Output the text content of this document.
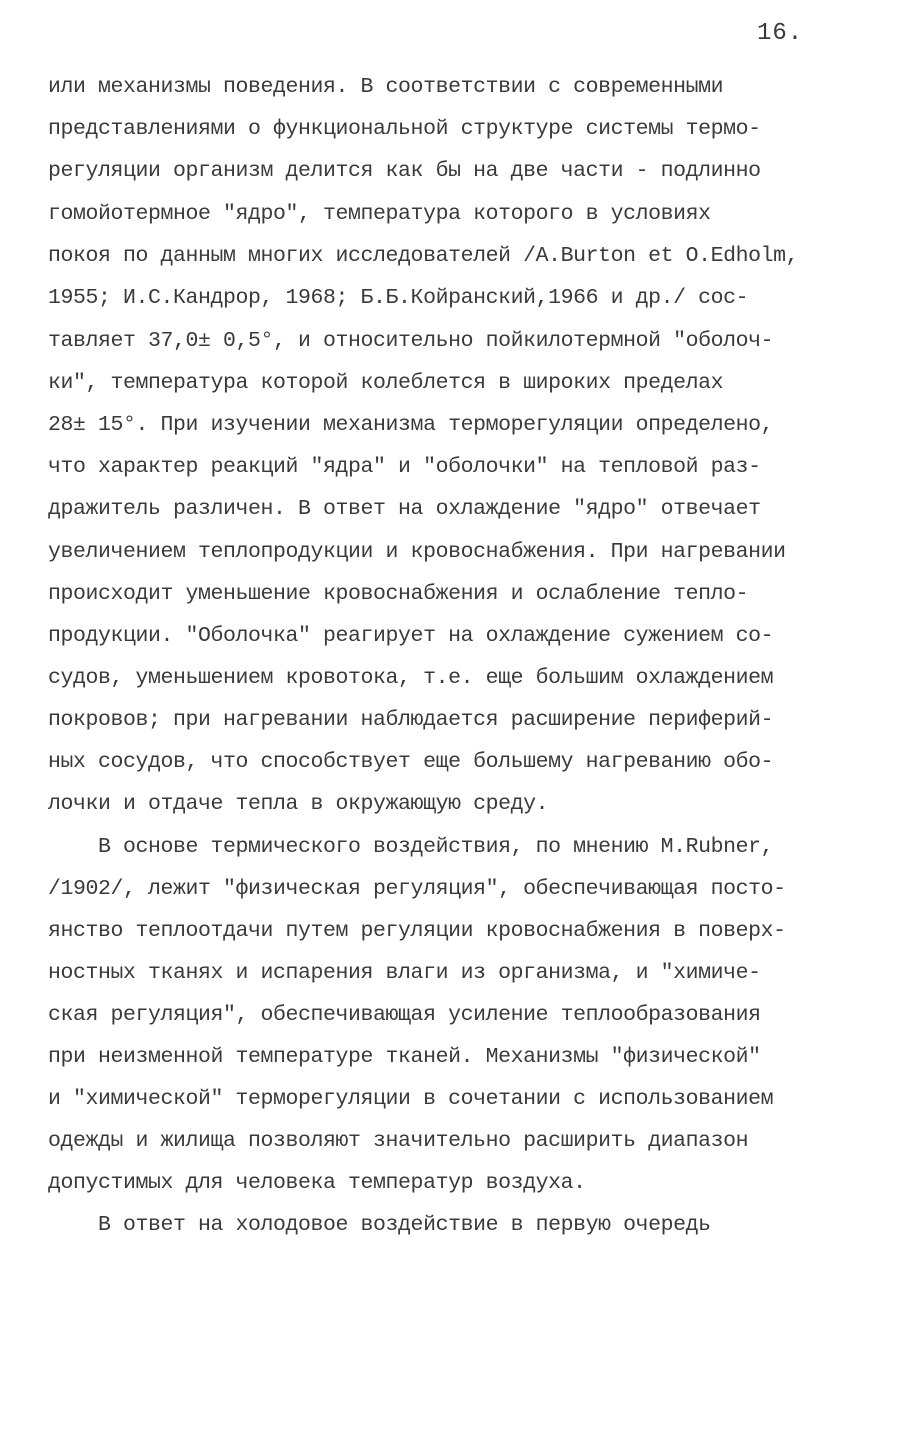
16.
или механизмы поведения. В соответствии с современными
представлениями о функциональной структуре системы термо-
регуляции организм делится как бы на две части - подлинно
гомойотермное "ядро", температура которого в условиях
покоя по данным многих исследователей /A.Burton et O.Edholm,
1955; И.С.Кандрор, 1968; Б.Б.Койранский,1966 и др./ сос-
тавляет 37,0± 0,5°, и относительно пойкилотермной "оболоч-
ки", температура которой колеблется в широких пределах
28± 15°. При изучении механизма терморегуляции определено,
что характер реакций "ядра" и "оболочки" на тепловой раз-
дражитель различен. В ответ на охлаждение "ядро" отвечает
увеличением теплопродукции и кровоснабжения. При нагревании
происходит уменьшение кровоснабжения и ослабление тепло-
продукции. "Оболочка" реагирует на охлаждение сужением со-
судов, уменьшением кровотока, т.е. еще большим охлаждением
покровов; при нагревании наблюдается расширение периферий-
ных сосудов, что способствует еще большему нагреванию обо-
лочки и отдаче тепла в окружающую среду.
В основе термического воздействия, по мнению M.Rubner,
/1902/, лежит "физическая регуляция", обеспечивающая посто-
янство теплоотдачи путем регуляции кровоснабжения в поверх-
ностных тканях и испарения влаги из организма, и "химиче-
ская регуляция", обеспечивающая усиление теплообразования
при неизменной температуре тканей. Механизмы "физической"
и "химической" терморегуляции в сочетании с использованием
одежды и жилища позволяют значительно расширить диапазон
допустимых для человека температур воздуха.
В ответ на холодовое воздействие в первую очередь
